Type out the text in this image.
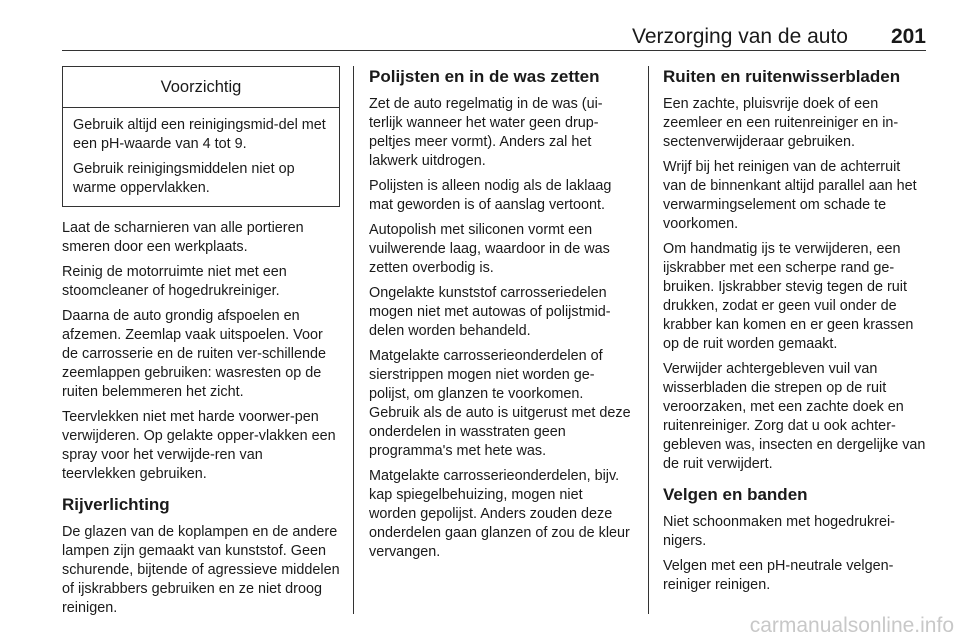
Verzorging van de auto 201
Voorzichtig

Gebruik altijd een reinigingsmid-del met een pH-waarde van 4 tot 9.

Gebruik reinigingsmiddelen niet op warme oppervlakken.

Laat de scharnieren van alle portieren smeren door een werkplaats.

Reinig de motorruimte niet met een stoomcleaner of hogedrukreiniger.

Daarna de auto grondig afspoelen en afzemen. Zeemlap vaak uitspoelen. Voor de carrosserie en de ruiten ver-schillende zeemlappen gebruiken: wasresten op de ruiten belemmeren het zicht.

Teervlekken niet met harde voorwer-pen verwijderen. Op gelakte opper-vlakken een spray voor het verwijde-ren van teervlekken gebruiken.

Rijverlichting

De glazen van de koplampen en de andere lampen zijn gemaakt van kunststof. Geen schurende, bijtende of agressieve middelen of ijskrabbers gebruiken en ze niet droog reinigen.

Polijsten en in de was zetten

Zet de auto regelmatig in de was (ui-terlijk wanneer het water geen drup-peltjes meer vormt). Anders zal het lakwerk uitdrogen.

Polijsten is alleen nodig als de laklaag mat geworden is of aanslag vertoont.

Autopolish met siliconen vormt een vuilwerende laag, waardoor in de was zetten overbodig is.

Ongelakte kunststof carrosseriedelen mogen niet met autowas of polijstmid-delen worden behandeld.

Matgelakte carrosserieonderdelen of sierstrippen mogen niet worden ge-polijst, om glanzen te voorkomen. Gebruik als de auto is uitgerust met deze onderdelen in wasstraten geen programma's met hete was.

Matgelakte carrosserieonderdelen, bijv. kap spiegelbehuizing, mogen niet worden gepolijst. Anders zouden deze onderdelen gaan glanzen of zou de kleur vervangen.

Ruiten en ruitenwisserbladen

Een zachte, pluisvrije doek of een zeemleer en een ruitenreiniger en in-sectenverwijderaar gebruiken.

Wrijf bij het reinigen van de achterruit van de binnenkant altijd parallel aan het verwarmingselement om schade te voorkomen.

Om handmatig ijs te verwijderen, een ijskrabber met een scherpe rand ge-bruiken. Ijskrabber stevig tegen de ruit drukken, zodat er geen vuil onder de krabber kan komen en er geen krassen op de ruit worden gemaakt.

Verwijder achtergebleven vuil van wisserbladen die strepen op de ruit veroorzaken, met een zachte doek en ruitenreiniger. Zorg dat u ook achter-gebleven was, insecten en dergelijke van de ruit verwijdert.

Velgen en banden

Niet schoonmaken met hogedrukrei-nigers.

Velgen met een pH-neutrale velgen-reiniger reinigen.

carmanualsonline.info
